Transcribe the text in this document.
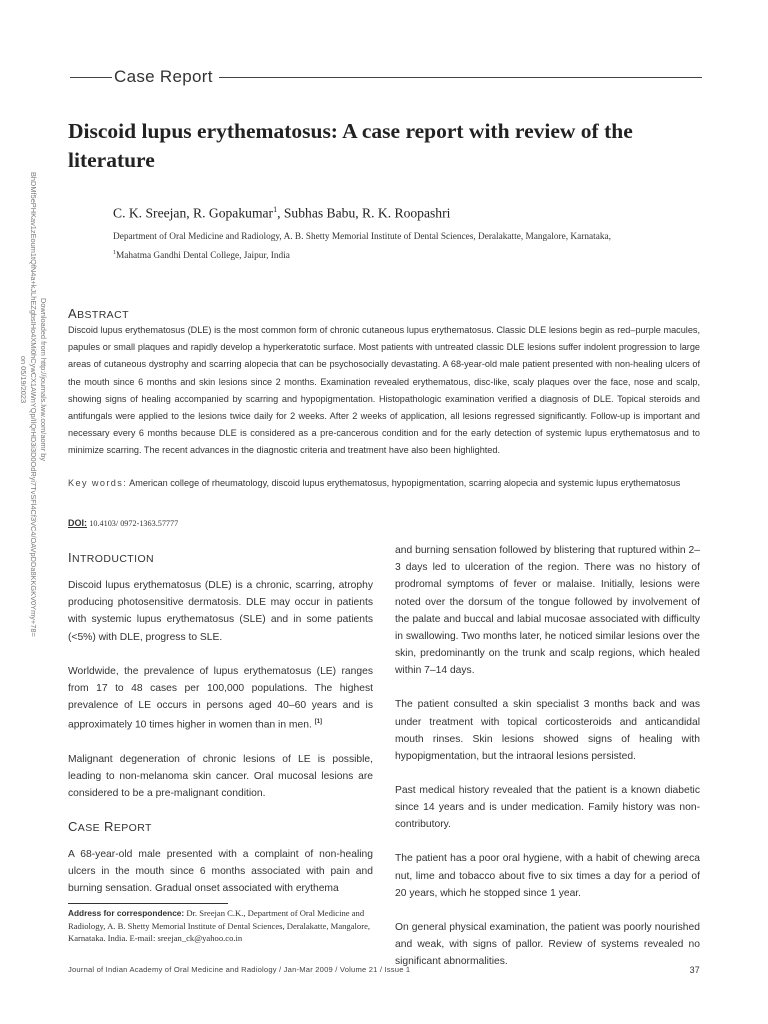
Case Report
Discoid lupus erythematosus: A case report with review of the literature
C. K. Sreejan, R. Gopakumar$^1$, Subhas Babu, R. K. Roopashri
Department of Oral Medicine and Radiology, A. B. Shetty Memorial Institute of Dental Sciences, Deralakatte, Mangalore, Karnataka,
$^1$Mahatma Gandhi Dental College, Jaipur, India
Downloaded from http://journals.lww.com/aomr by BhDMf5ePHKav1zEoum1tQfN4a+kJLhEZgbsIHo4XMi0hCywCX1AWnYQp/IlQrHD3i3D0OdRyi7TvSFl4Cf3VC4/OAVpDDa8KKGKV0Ymy+78= on 05/19/2023
ABSTRACT

Discoid lupus erythematosus (DLE) is the most common form of chronic cutaneous lupus erythematosus. Classic DLE lesions begin as red–purple macules, papules or small plaques and rapidly develop a hyperkeratotic surface. Most patients with untreated classic DLE lesions suffer indolent progression to large areas of cutaneous dystrophy and scarring alopecia that can be psychosocially devastating. A 68-year-old male patient presented with non-healing ulcers of the mouth since 6 months and skin lesions since 2 months. Examination revealed erythematous, disc-like, scaly plaques over the face, nose and scalp, showing signs of healing accompanied by scarring and hypopigmentation. Histopathologic examination verified a diagnosis of DLE. Topical steroids and antifungals were applied to the lesions twice daily for 2 weeks. After 2 weeks of application, all lesions regressed significantly. Follow-up is important and necessary every 6 months because DLE is considered as a pre-cancerous condition and for the early detection of systemic lupus erythematosus and to minimize scarring. The recent advances in the diagnostic criteria and treatment have also been highlighted.

Key words: American college of rheumatology, discoid lupus erythematosus, hypopigmentation, scarring alopecia and systemic lupus erythematosus

DOI: 10.4103/ 0972-1363.57777
INTRODUCTION

Discoid lupus erythematosus (DLE) is a chronic, scarring, atrophy producing photosensitive dermatosis. DLE may occur in patients with systemic lupus erythematosus (SLE) and in some patients (<5%) with DLE, progress to SLE.

Worldwide, the prevalence of lupus erythematosus (LE) ranges from 17 to 48 cases per 100,000 populations. The highest prevalence of LE occurs in persons aged 40–60 years and is approximately 10 times higher in women than in men. [1]

Malignant degeneration of chronic lesions of LE is possible, leading to non-melanoma skin cancer. Oral mucosal lesions are considered to be a pre-malignant condition.

CASE REPORT

A 68-year-old male presented with a complaint of non-healing ulcers in the mouth since 6 months associated with pain and burning sensation. Gradual onset associated with erythema

and burning sensation followed by blistering that ruptured within 2–3 days led to ulceration of the region. There was no history of prodromal symptoms of fever or malaise. Initially, lesions were noted over the dorsum of the tongue followed by involvement of the palate and buccal and labial mucosae associated with difficulty in swallowing. Two months later, he noticed similar lesions over the skin, predominantly on the trunk and scalp regions, which healed within 7–14 days.

The patient consulted a skin specialist 3 months back and was under treatment with topical corticosteroids and anticandidal mouth rinses. Skin lesions showed signs of healing with hypopigmentation, but the intraoral lesions persisted.

Past medical history revealed that the patient is a known diabetic since 14 years and is under medication. Family history was non-contributory.

The patient has a poor oral hygiene, with a habit of chewing areca nut, lime and tobacco about five to six times a day for a period of 20 years, which he stopped since 1 year.

On general physical examination, the patient was poorly nourished and weak, with signs of pallor. Review of systems revealed no significant abnormalities.

Address for correspondence: Dr. Sreejan C.K., Department of Oral Medicine and Radiology, A. B. Shetty Memorial Institute of Dental Sciences, Deralakatte, Mangalore, Karnataka. India. E-mail: sreejan_ck@yahoo.co.in

Journal of Indian Academy of Oral Medicine and Radiology / Jan-Mar 2009 / Volume 21 / Issue 1	37
